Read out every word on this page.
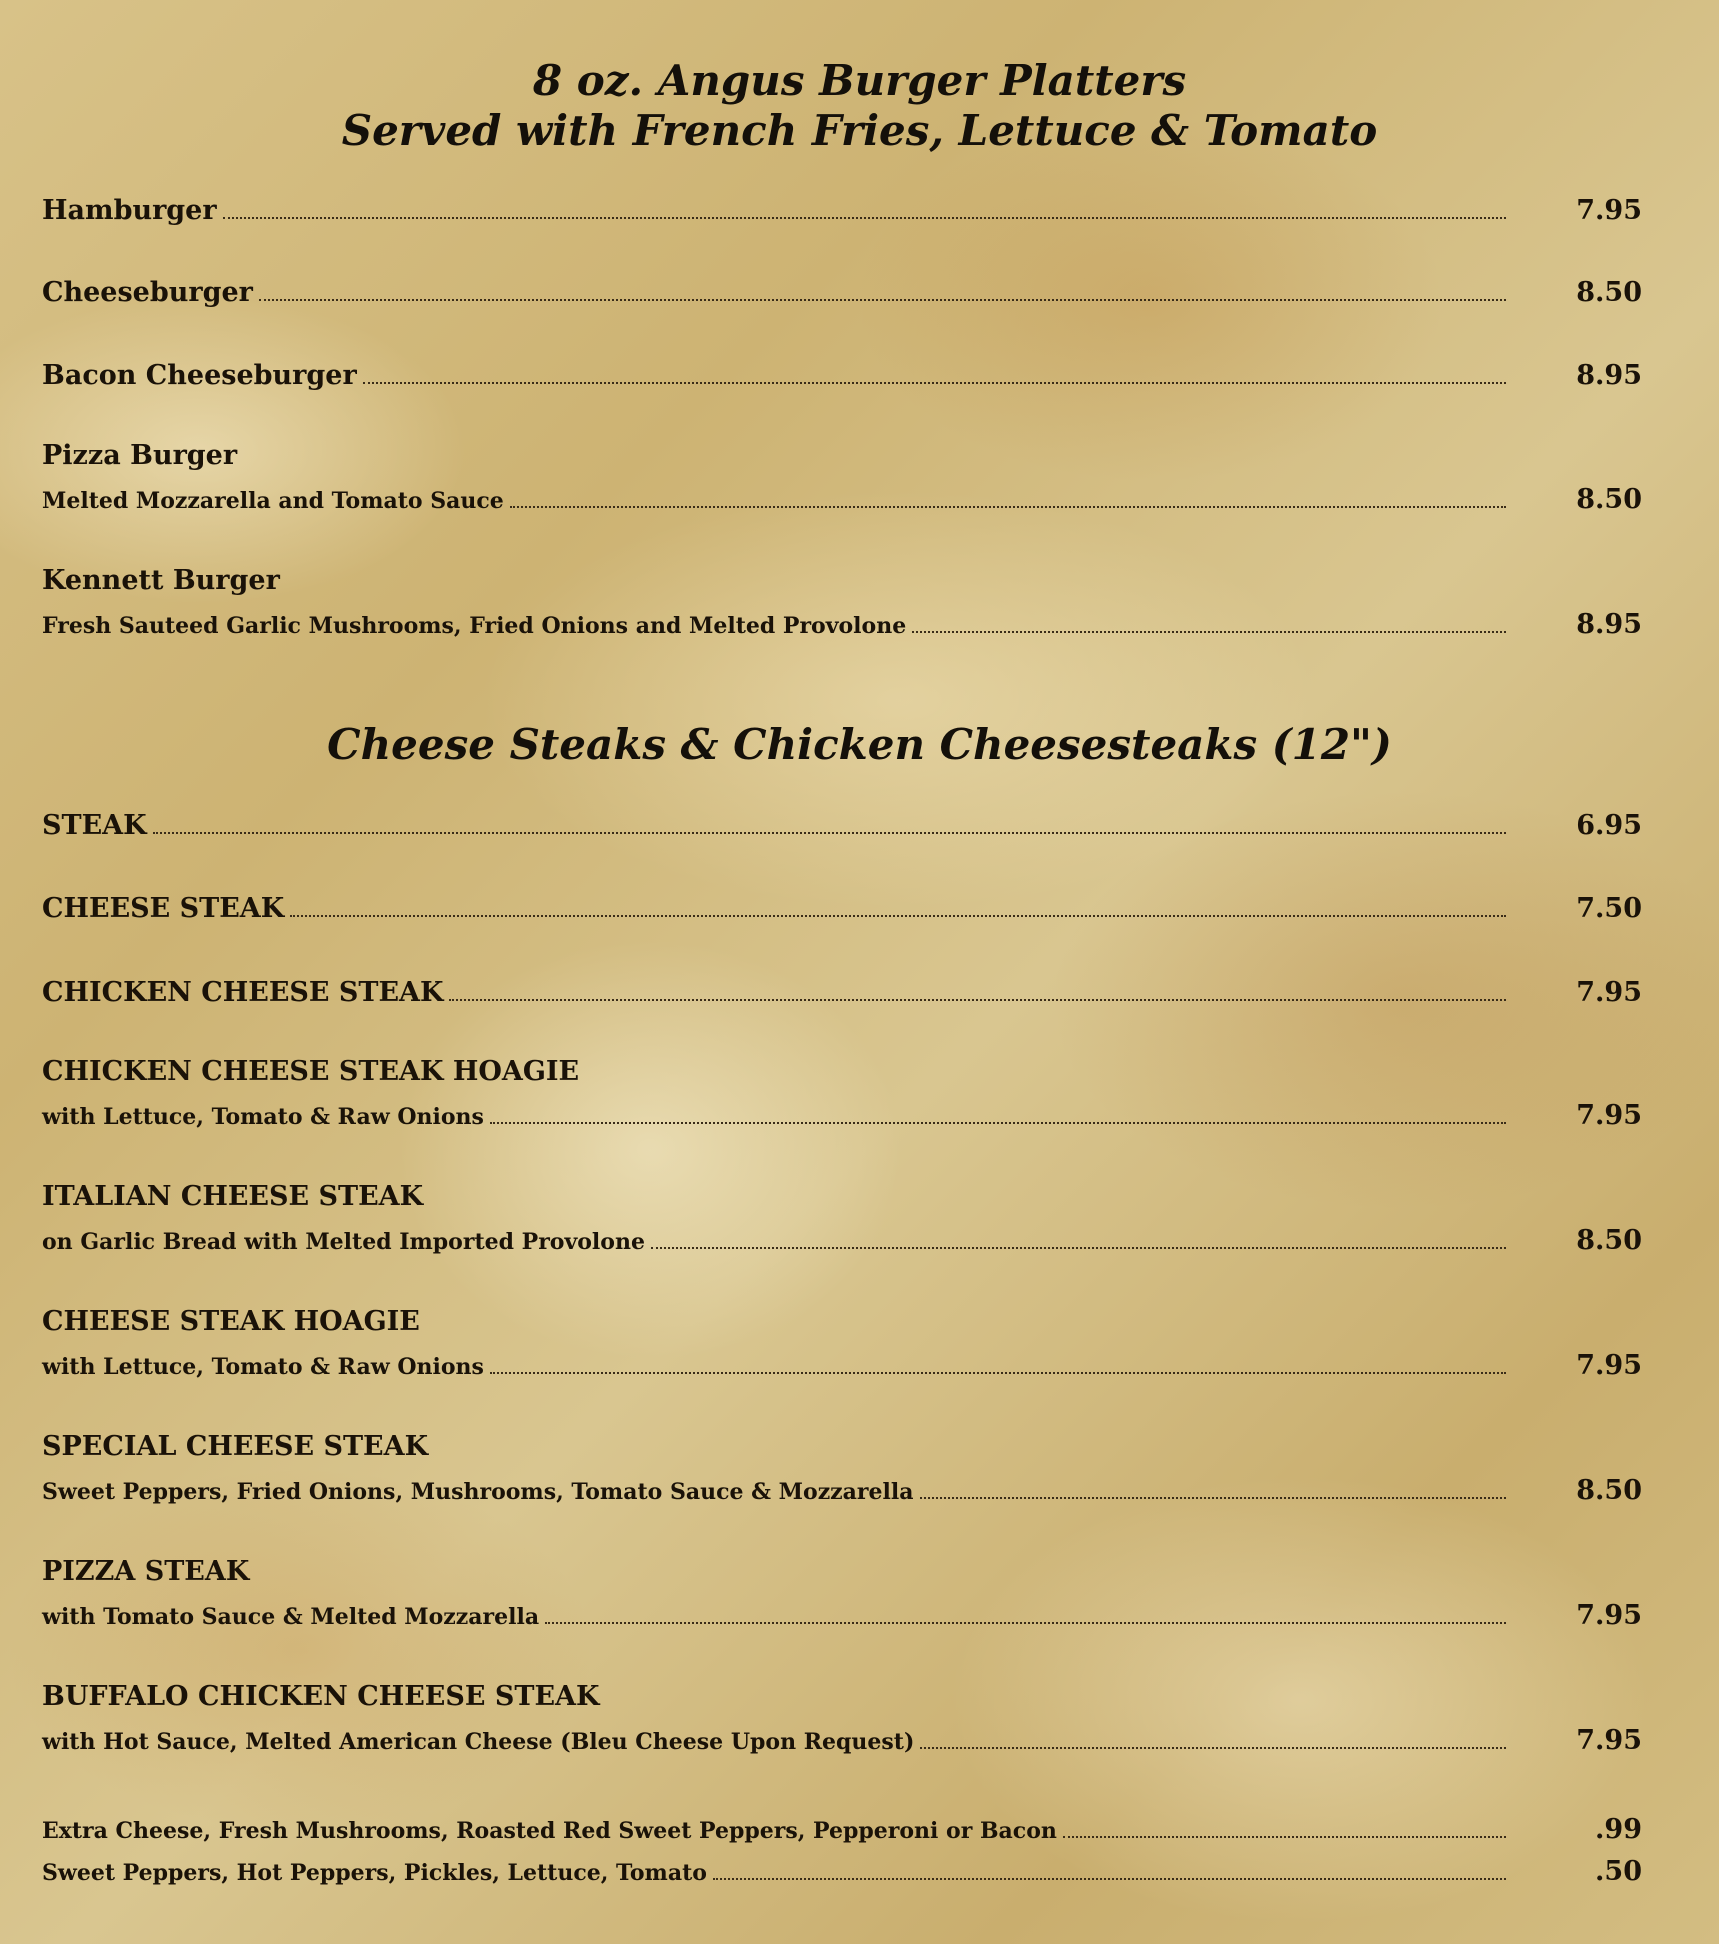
8 oz. Angus Burger Platters
Served with French Fries, Lettuce & Tomato
Hamburger	7.95
Cheeseburger	8.50
Bacon Cheeseburger	8.95
Pizza Burger
Melted Mozzarella and Tomato Sauce	8.50
Kennett Burger
Fresh Sauteed Garlic Mushrooms, Fried Onions and Melted Provolone	8.95
Cheese Steaks & Chicken Cheesesteaks (12")
STEAK	6.95
CHEESE STEAK	7.50
CHICKEN CHEESE STEAK	7.95
CHICKEN CHEESE STEAK HOAGIE
with Lettuce, Tomato & Raw Onions	7.95
ITALIAN CHEESE STEAK
on Garlic Bread with Melted Imported Provolone	8.50
CHEESE STEAK HOAGIE
with Lettuce, Tomato & Raw Onions	7.95
SPECIAL CHEESE STEAK
Sweet Peppers, Fried Onions, Mushrooms, Tomato Sauce & Mozzarella	8.50
PIZZA STEAK
with Tomato Sauce & Melted Mozzarella	7.95
BUFFALO CHICKEN CHEESE STEAK
with Hot Sauce, Melted American Cheese (Bleu Cheese Upon Request)	7.95
Extra Cheese, Fresh Mushrooms, Roasted Red Sweet Peppers, Pepperoni or Bacon	.99
Sweet Peppers, Hot Peppers, Pickles, Lettuce, Tomato	.50
